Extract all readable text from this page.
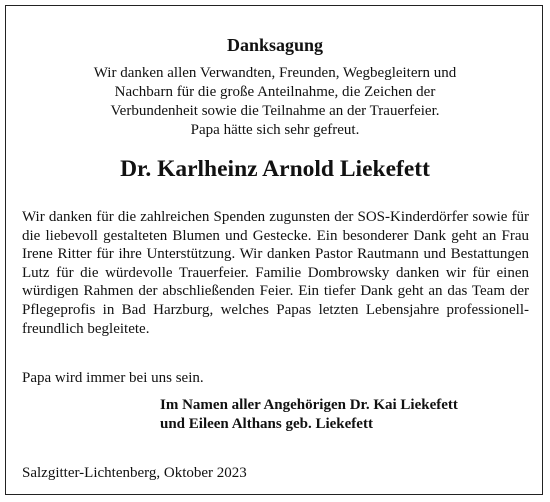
Danksagung
Wir danken allen Verwandten, Freunden, Wegbegleitern und
Nachbarn für die große Anteilnahme, die Zeichen der
Verbundenheit sowie die Teilnahme an der Trauerfeier.
Papa hätte sich sehr gefreut.
Dr. Karlheinz Arnold Liekefett
Wir danken für die zahlreichen Spenden zugunsten der SOS-Kinderdörfer sowie für die liebevoll gestalteten Blumen und Gestecke. Ein besonderer Dank geht an Frau Irene Ritter für ihre Unterstützung. Wir danken Pastor Rautmann und Bestattungen Lutz für die würdevolle Trauerfeier. Familie Dombrowsky danken wir für einen würdigen Rahmen der abschließenden Feier. Ein tiefer Dank geht an das Team der Pflegeprofis in Bad Harzburg, welches Papas letzten Lebensjahre professionell-freundlich begleitete.
Papa wird immer bei uns sein.
Im Namen aller Angehörigen Dr. Kai Liekefett
und Eileen Althans geb. Liekefett
Salzgitter-Lichtenberg, Oktober 2023
